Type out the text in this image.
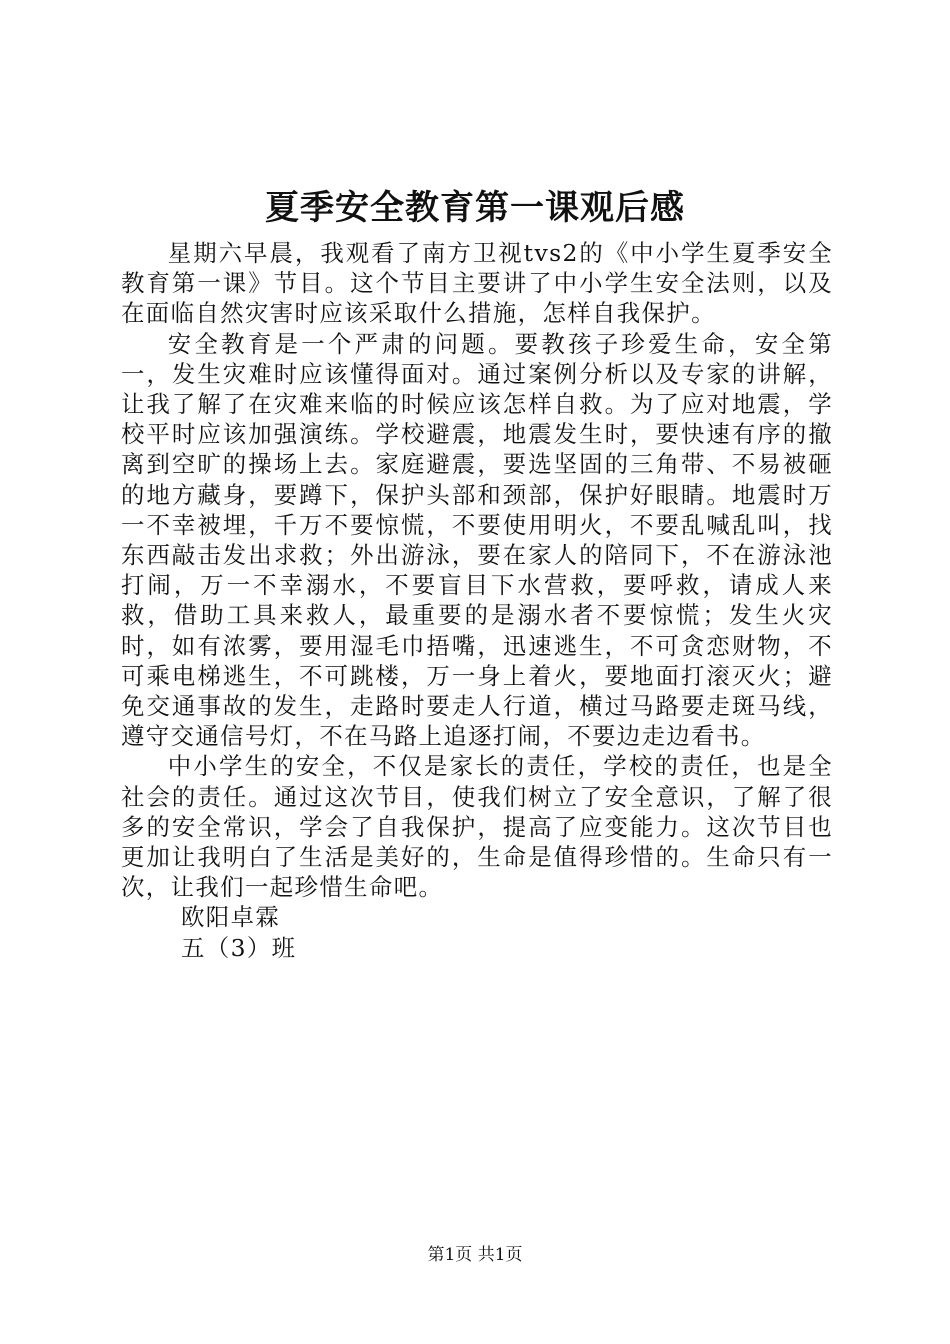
夏季安全教育第一课观后感

星期六早晨，我观看了南方卫视tvs2的《中小学生夏季安全教育第一课》节目。这个节目主要讲了中小学生安全法则，以及在面临自然灾害时应该采取什么措施，怎样自我保护。

安全教育是一个严肃的问题。要教孩子珍爱生命，安全第一，发生灾难时应该懂得面对。通过案例分析以及专家的讲解，让我了解了在灾难来临的时候应该怎样自救。为了应对地震，学校平时应该加强演练。学校避震，地震发生时，要快速有序的撤离到空旷的操场上去。家庭避震，要选坚固的三角带、不易被砸的地方藏身，要蹲下，保护头部和颈部，保护好眼睛。地震时万一不幸被埋，千万不要惊慌，不要使用明火，不要乱喊乱叫，找东西敲击发出求救；外出游泳，要在家人的陪同下，不在游泳池打闹，万一不幸溺水，不要盲目下水营救，要呼救，请成人来救，借助工具来救人，最重要的是溺水者不要惊慌；发生火灾时，如有浓雾，要用湿毛巾捂嘴，迅速逃生，不可贪恋财物，不可乘电梯逃生，不可跳楼，万一身上着火，要地面打滚灭火；避免交通事故的发生，走路时要走人行道，横过马路要走斑马线，遵守交通信号灯，不在马路上追逐打闹，不要边走边看书。

中小学生的安全，不仅是家长的责任，学校的责任，也是全社会的责任。通过这次节目，使我们树立了安全意识，了解了很多的安全常识，学会了自我保护，提高了应变能力。这次节目也更加让我明白了生活是美好的，生命是值得珍惜的。生命只有一次，让我们一起珍惜生命吧。

欧阳卓霖

五（3）班

第1页 共1页
